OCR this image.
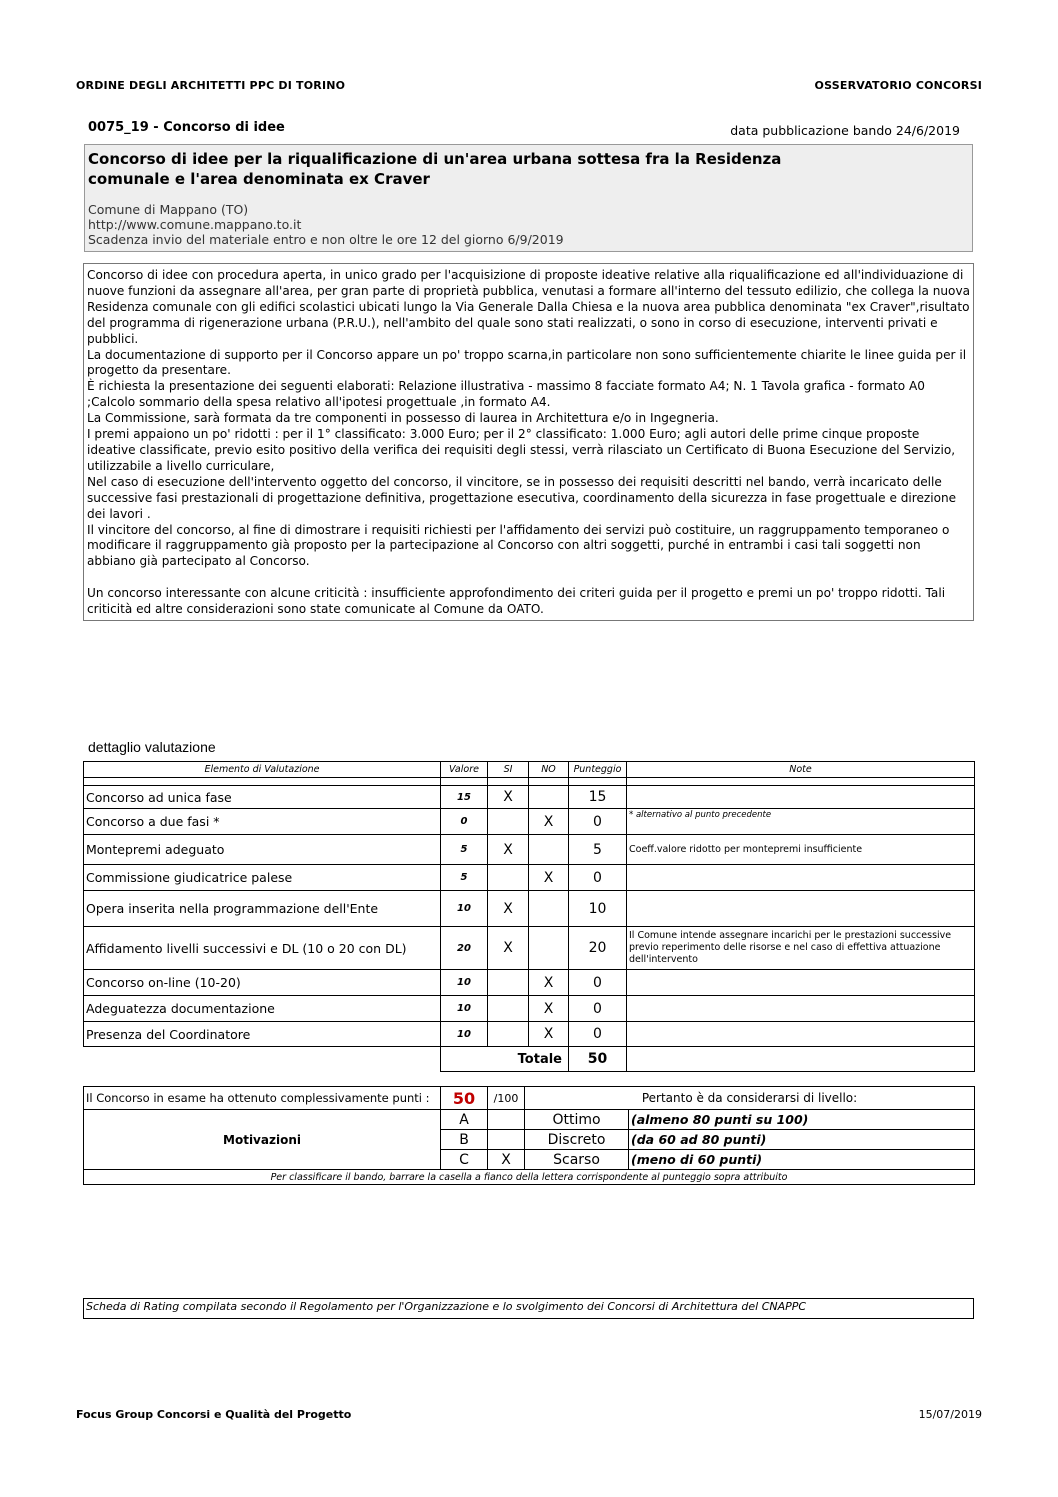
ORDINE DEGLI ARCHITETTI PPC DI TORINO	OSSERVATORIO CONCORSI
0075_19 - Concorso di idee	data pubblicazione bando 24/6/2019
Concorso di idee per la riqualificazione di un'area urbana sottesa fra la Residenza comunale e l'area denominata ex Craver
Comune di Mappano (TO)
http://www.comune.mappano.to.it
Scadenza invio del materiale entro e non oltre le ore 12 del giorno 6/9/2019

Concorso di idee con procedura aperta, in unico grado per l'acquisizione di proposte ideative relative alla riqualificazione ed all'individuazione di nuove funzioni da assegnare all'area, per gran parte di proprietà pubblica, venutasi a formare all'interno del tessuto edilizio, che collega la nuova Residenza comunale con gli edifici scolastici ubicati lungo la Via Generale Dalla Chiesa e la nuova area pubblica denominata "ex Craver",risultato del programma di rigenerazione urbana (P.R.U.), nell'ambito del quale sono stati realizzati, o sono in corso di esecuzione, interventi privati e pubblici.
La documentazione di supporto per il Concorso appare un po' troppo scarna,in particolare non sono sufficientemente chiarite le linee guida per il progetto da presentare.
È richiesta la presentazione dei seguenti elaborati: Relazione illustrativa - massimo 8 facciate formato A4; N. 1 Tavola grafica - formato A0 ;Calcolo sommario della spesa relativo all'ipotesi progettuale ,in formato A4.
La Commissione, sarà formata da tre componenti in possesso di laurea in Architettura e/o in Ingegneria.
I premi appaiono un po' ridotti : per il 1° classificato: 3.000 Euro; per il 2° classificato: 1.000 Euro; agli autori delle prime cinque proposte ideative classificate, previo esito positivo della verifica dei requisiti degli stessi, verrà rilasciato un Certificato di Buona Esecuzione del Servizio, utilizzabile a livello curriculare,
Nel caso di esecuzione dell'intervento oggetto del concorso, il vincitore, se in possesso dei requisiti descritti nel bando, verrà incaricato delle successive fasi prestazionali di progettazione definitiva, progettazione esecutiva, coordinamento della sicurezza in fase progettuale e direzione dei lavori .
Il vincitore del concorso, al fine di dimostrare i requisiti richiesti per l'affidamento dei servizi può costituire, un raggruppamento temporaneo o modificare il raggruppamento già proposto per la partecipazione al Concorso con altri soggetti, purché in entrambi i casi tali soggetti non abbiano già partecipato al Concorso.

Un concorso interessante con alcune criticità : insufficiente approfondimento dei criteri guida per il progetto e premi un po' troppo ridotti. Tali criticità ed altre considerazioni sono state comunicate al Comune da OATO.

dettaglio valutazione
Elemento di Valutazione	Valore	SI	NO	Punteggio	Note

Concorso ad unica fase	15	X		15	
Concorso a due fasi *	0		X	0	* alternativo al punto precedente
Montepremi adeguato	5	X		5	Coeff.valore ridotto per montepremi insufficiente
Commissione giudicatrice palese	5		X	0	
Opera inserita nella programmazione dell'Ente	10	X		10	
Affidamento livelli successivi e DL (10 o 20 con DL)	20	X		20	Il Comune intende assegnare incarichi per le prestazioni successive previo reperimento delle risorse e nel caso di effettiva attuazione dell'intervento
Concorso on-line (10-20)	10		X	0	
Adeguatezza documentazione	10		X	0	
Presenza del Coordinatore	10		X	0	
	Totale			50	
Il Concorso in esame ha ottenuto complessivamente punti :	50	/100	Pertanto è da considerarsi di livello:	
Motivazioni	A		Ottimo	(almeno 80 punti su 100)
	B		Discreto	(da 60 ad 80 punti)
	C	X	Scarso	(meno di 60 punti)
Per classificare il bando, barrare la casella a fianco della lettera corrispondente al punteggio sopra attribuito				
Scheda di Rating compilata secondo il Regolamento per l'Organizzazione e lo svolgimento dei Concorsi di Architettura del CNAPPC
Focus Group Concorsi e Qualità del Progetto	15/07/2019
